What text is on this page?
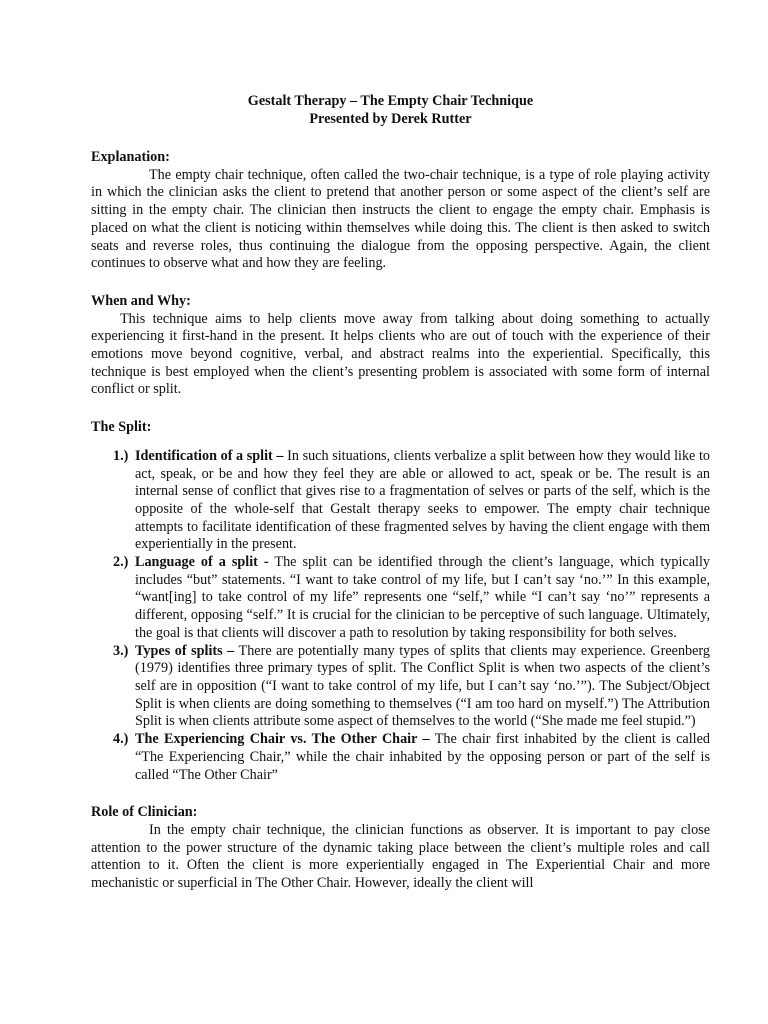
Gestalt Therapy – The Empty Chair Technique
Presented by Derek Rutter
Explanation:

The empty chair technique, often called the two-chair technique, is a type of role playing activity in which the clinician asks the client to pretend that another person or some aspect of the client’s self are sitting in the empty chair. The clinician then instructs the client to engage the empty chair. Emphasis is placed on what the client is noticing within themselves while doing this. The client is then asked to switch seats and reverse roles, thus continuing the dialogue from the opposing perspective. Again, the client continues to observe what and how they are feeling.

When and Why:

This technique aims to help clients move away from talking about doing something to actually experiencing it first-hand in the present. It helps clients who are out of touch with the experience of their emotions move beyond cognitive, verbal, and abstract realms into the experiential. Specifically, this technique is best employed when the client’s presenting problem is associated with some form of internal conflict or split.

The Split:
1.) Identification of a split – In such situations, clients verbalize a split between how they would like to act, speak, or be and how they feel they are able or allowed to act, speak or be. The result is an internal sense of conflict that gives rise to a fragmentation of selves or parts of the self, which is the opposite of the whole-self that Gestalt therapy seeks to empower. The empty chair technique attempts to facilitate identification of these fragmented selves by having the client engage with them experientially in the present.
2.) Language of a split - The split can be identified through the client’s language, which typically includes “but” statements. “I want to take control of my life, but I can’t say ‘no.’” In this example, “want[ing] to take control of my life” represents one “self,” while “I can’t say ‘no’” represents a different, opposing “self.” It is crucial for the clinician to be perceptive of such language. Ultimately, the goal is that clients will discover a path to resolution by taking responsibility for both selves.
3.) Types of splits – There are potentially many types of splits that clients may experience. Greenberg (1979) identifies three primary types of split. The Conflict Split is when two aspects of the client’s self are in opposition (“I want to take control of my life, but I can’t say ‘no.’”). The Subject/Object Split is when clients are doing something to themselves (“I am too hard on myself.”) The Attribution Split is when clients attribute some aspect of themselves to the world (“She made me feel stupid.”)
4.) The Experiencing Chair vs. The Other Chair – The chair first inhabited by the client is called “The Experiencing Chair,” while the chair inhabited by the opposing person or part of the self is called “The Other Chair”
Role of Clinician:

In the empty chair technique, the clinician functions as observer. It is important to pay close attention to the power structure of the dynamic taking place between the client’s multiple roles and call attention to it. Often the client is more experientially engaged in The Experiential Chair and more mechanistic or superficial in The Other Chair. However, ideally the client will
